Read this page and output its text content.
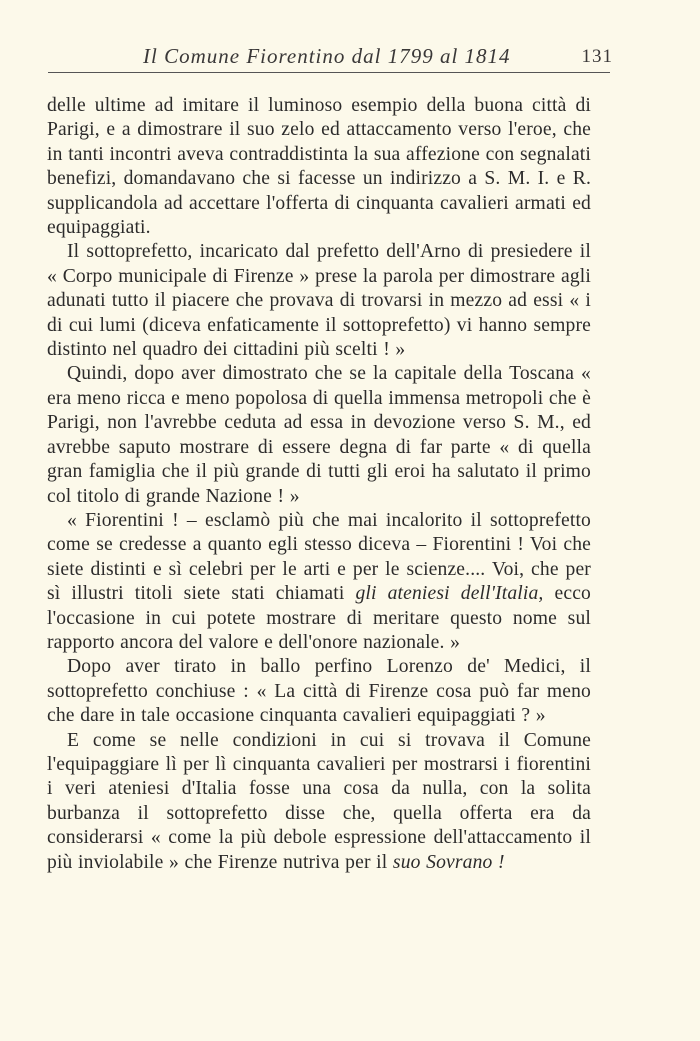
Il Comune Fiorentino dal 1799 al 1814	131

delle ultime ad imitare il luminoso esempio della buona città di Parigi, e a dimostrare il suo zelo ed attaccamento verso l'eroe, che in tanti incontri aveva contraddistinta la sua affezione con segnalati benefizi, domandavano che si facesse un indirizzo a S. M. I. e R. supplicandola ad accettare l'offerta di cinquanta cavalieri armati ed equipaggiati.

Il sottoprefetto, incaricato dal prefetto dell'Arno di presiedere il « Corpo municipale di Firenze » prese la parola per dimostrare agli adunati tutto il piacere che provava di trovarsi in mezzo ad essi « i di cui lumi (diceva enfaticamente il sottoprefetto) vi hanno sempre distinto nel quadro dei cittadini più scelti ! »

Quindi, dopo aver dimostrato che se la capitale della Toscana « era meno ricca e meno popolosa di quella immensa metropoli che è Parigi, non l'avrebbe ceduta ad essa in devozione verso S. M., ed avrebbe saputo mostrare di essere degna di far parte « di quella gran famiglia che il più grande di tutti gli eroi ha salutato il primo col titolo di grande Nazione ! »

« Fiorentini ! – esclamò più che mai incalorito il sottoprefetto come se credesse a quanto egli stesso diceva – Fiorentini ! Voi che siete distinti e sì celebri per le arti e per le scienze.... Voi, che per sì illustri titoli siete stati chiamati gli ateniesi dell'Italia, ecco l'occasione in cui potete mostrare di meritare questo nome sul rapporto ancora del valore e dell'onore nazionale. »

Dopo aver tirato in ballo perfino Lorenzo de' Medici, il sottoprefetto conchiuse : « La città di Firenze cosa può far meno che dare in tale occasione cinquanta cavalieri equipaggiati ? »

E come se nelle condizioni in cui si trovava il Comune l'equipaggiare lì per lì cinquanta cavalieri per mostrarsi i fiorentini i veri ateniesi d'Italia fosse una cosa da nulla, con la solita burbanza il sottoprefetto disse che, quella offerta era da considerarsi « come la più debole espressione dell'attaccamento il più inviolabile » che Firenze nutriva per il suo Sovrano !
